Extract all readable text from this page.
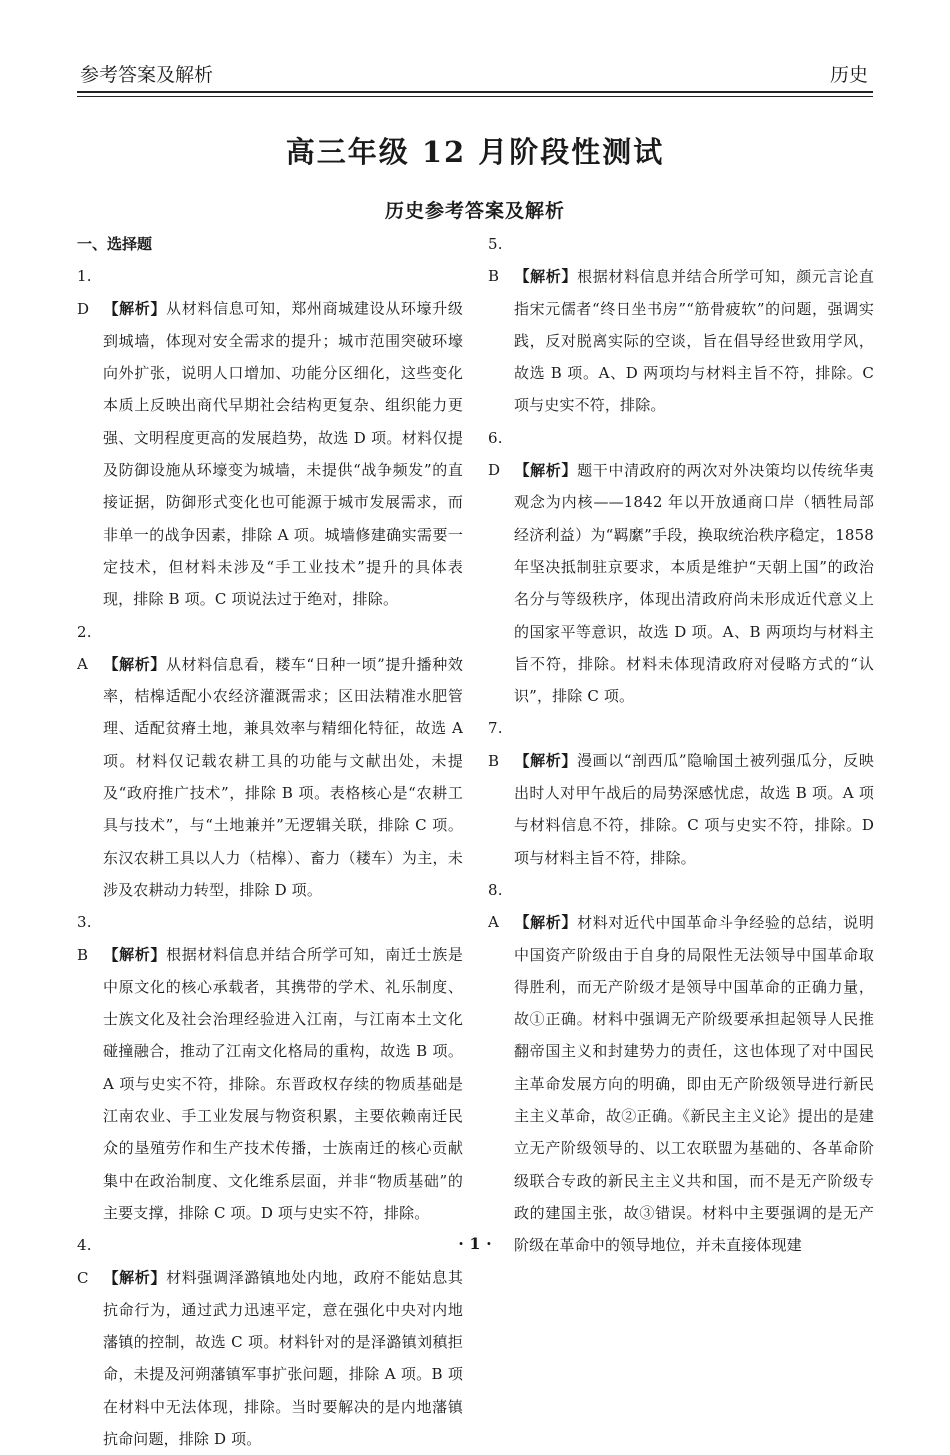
参考答案及解析	历史
高三年级 12 月阶段性测试
历史参考答案及解析

一、选择题

1. D 【 解析 】 从材料信息可知，郑州商城建设从环壕升级到城墙，体现对安全需求的提升；城市范围突破环壕向外扩张，说明人口增加、功能分区细化，这些变化本质上反映出商代早期社会结构更复杂、组织能力更强、文明程度更高的发展趋势，故选 D 项。材料仅提及防御设施从环壕变为城墙，未提供“战争频发”的直接证据，防御形式变化也可能源于城市发展需求，而非单一的战争因素，排除 A 项。城墙修建确实需要一定技术，但材料未涉及“手工业技术”提升的具体表现，排除 B 项。C 项说法过于绝对，排除。

2. A 【 解析 】 从材料信息看，耧车“日种一顷”提升播种效率，桔槔适配小农经济灌溉需求；区田法精准水肥管理、适配贫瘠土地，兼具效率与精细化特征，故选 A 项。材料仅记载农耕工具的功能与文献出处，未提及“政府推广技术”，排除 B 项。表格核心是“农耕工具与技术”，与“土地兼并”无逻辑关联，排除 C 项。东汉农耕工具以人力（桔槔）、畜力（耧车）为主，未涉及农耕动力转型，排除 D 项。

3. B 【 解析 】 根据材料信息并结合所学可知，南迁士族是中原文化的核心承载者，其携带的学术、礼乐制度、士族文化及社会治理经验进入江南，与江南本土文化碰撞融合，推动了江南文化格局的重构，故选 B 项。A 项与史实不符，排除。东晋政权存续的物质基础是江南农业、手工业发展与物资积累，主要依赖南迁民众的垦殖劳作和生产技术传播，士族南迁的核心贡献集中在政治制度、文化维系层面，并非“物质基础”的主要支撑，排除 C 项。D 项与史实不符，排除。

4. C 【 解析 】 材料强调泽潞镇地处内地，政府不能姑息其抗命行为，通过武力迅速平定，意在强化中央对内地藩镇的控制，故选 C 项。材料针对的是泽潞镇刘稹拒命，未提及河朔藩镇军事扩张问题，排除 A 项。B 项在材料中无法体现，排除。当时要解决的是内地藩镇抗命问题，排除 D 项。

5. B 【 解析 】 根据材料信息并结合所学可知，颜元言论直指宋元儒者“终日坐书房”“筋骨疲软”的问题，强调实践，反对脱离实际的空谈，旨在倡导经世致用学风，故选 B 项。A、D 两项均与材料主旨不符，排除。C 项与史实不符，排除。

6. D 【 解析 】 题干中清政府的两次对外决策均以传统华夷观念为内核——1842 年以开放通商口岸（牺牲局部经济利益）为“羁縻”手段，换取统治秩序稳定，1858 年坚决抵制驻京要求，本质是维护“天朝上国”的政治名分与等级秩序，体现出清政府尚未形成近代意义上的国家平等意识，故选 D 项。A、B 两项均与材料主旨不符，排除。材料未体现清政府对侵略方式的“认识”，排除 C 项。

7. B 【 解析 】 漫画以“剖西瓜”隐喻国土被列强瓜分，反映出时人对甲午战后的局势深感忧虑，故选 B 项。A 项与材料信息不符，排除。C 项与史实不符，排除。D 项与材料主旨不符，排除。

8. A 【 解析 】 材料对近代中国革命斗争经验的总结，说明中国资产阶级由于自身的局限性无法领导中国革命取得胜利，而无产阶级才是领导中国革命的正确力量，故①正确。材料中强调无产阶级要承担起领导人民推翻帝国主义和封建势力的责任，这也体现了对中国民主革命发展方向的明确，即由无产阶级领导进行新民主主义革命，故②正确。《新民主主义论》提出的是建立无产阶级领导的、以工农联盟为基础的、各革命阶级联合专政的新民主主义共和国，而不是无产阶级专政的建国主张，故③错误。材料中主要强调的是无产阶级在革命中的领导地位，并未直接体现建

· 1 ·
